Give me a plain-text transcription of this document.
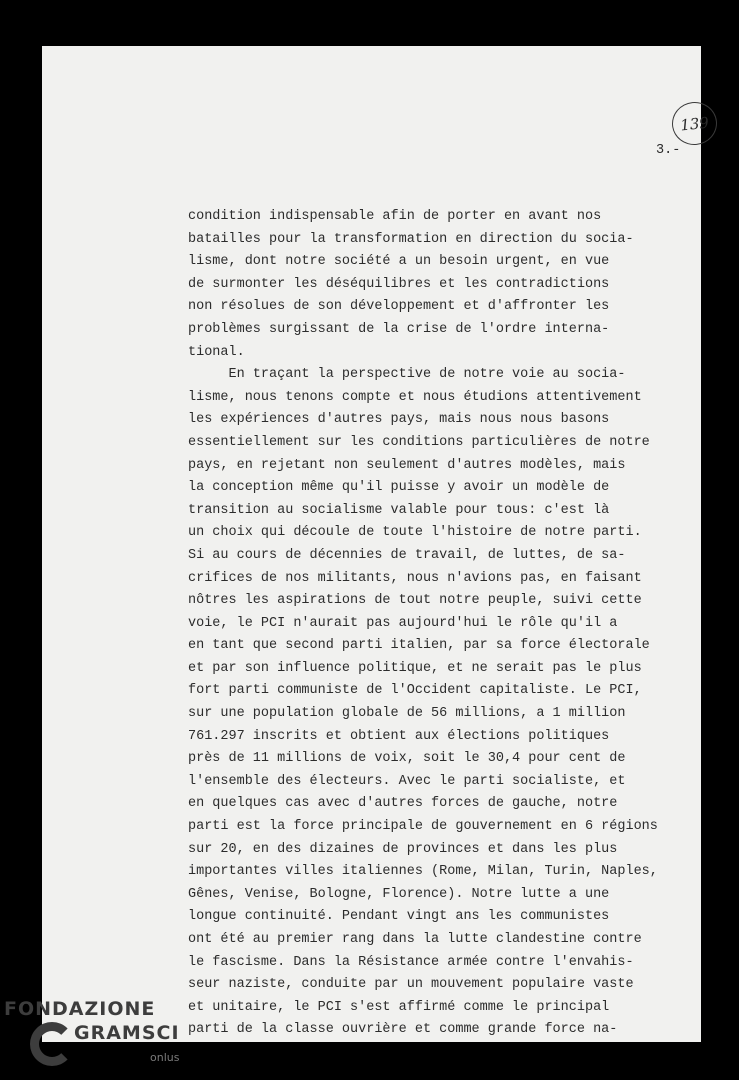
139
3.-
condition indispensable afin de porter en avant nos
batailles pour la transformation en direction du socia-
lisme, dont notre société a un besoin urgent, en vue
de surmonter les déséquilibres et les contradictions
non résolues de son développement et d'affronter les
problèmes surgissant de la crise de l'ordre interna-
tional.
En traçant la perspective de notre voie au socia-
lisme, nous tenons compte et nous étudions attentivement
les expériences d'autres pays, mais nous nous basons
essentiellement sur les conditions particulières de notre
pays, en rejetant non seulement d'autres modèles, mais
la conception même qu'il puisse y avoir un modèle de
transition au socialisme valable pour tous: c'est là
un choix qui découle de toute l'histoire de notre parti.
Si au cours de décennies de travail, de luttes, de sa-
crifices de nos militants, nous n'avions pas, en faisant
nôtres les aspirations de tout notre peuple, suivi cette
voie, le PCI n'aurait pas aujourd'hui le rôle qu'il a
en tant que second parti italien, par sa force électorale
et par son influence politique, et ne serait pas le plus
fort parti communiste de l'Occident capitaliste. Le PCI,
sur une population globale de 56 millions, a 1 million
761.297 inscrits et obtient aux élections politiques
près de 11 millions de voix, soit le 30,4 pour cent de
l'ensemble des électeurs. Avec le parti socialiste, et
en quelques cas avec d'autres forces de gauche, notre
parti est la force principale de gouvernement en 6 régions
sur 20, en des dizaines de provinces et dans les plus
importantes villes italiennes (Rome, Milan, Turin, Naples,
Gênes, Venise, Bologne, Florence). Notre lutte a une
longue continuité. Pendant vingt ans les communistes
ont été au premier rang dans la lutte clandestine contre
le fascisme. Dans la Résistance armée contre l'envahis-
seur naziste, conduite par un mouvement populaire vaste
et unitaire, le PCI s'est affirmé comme le principal
parti de la classe ouvrière et comme grande force na-
FONDAZIONE
GRAMSCI
onlus
